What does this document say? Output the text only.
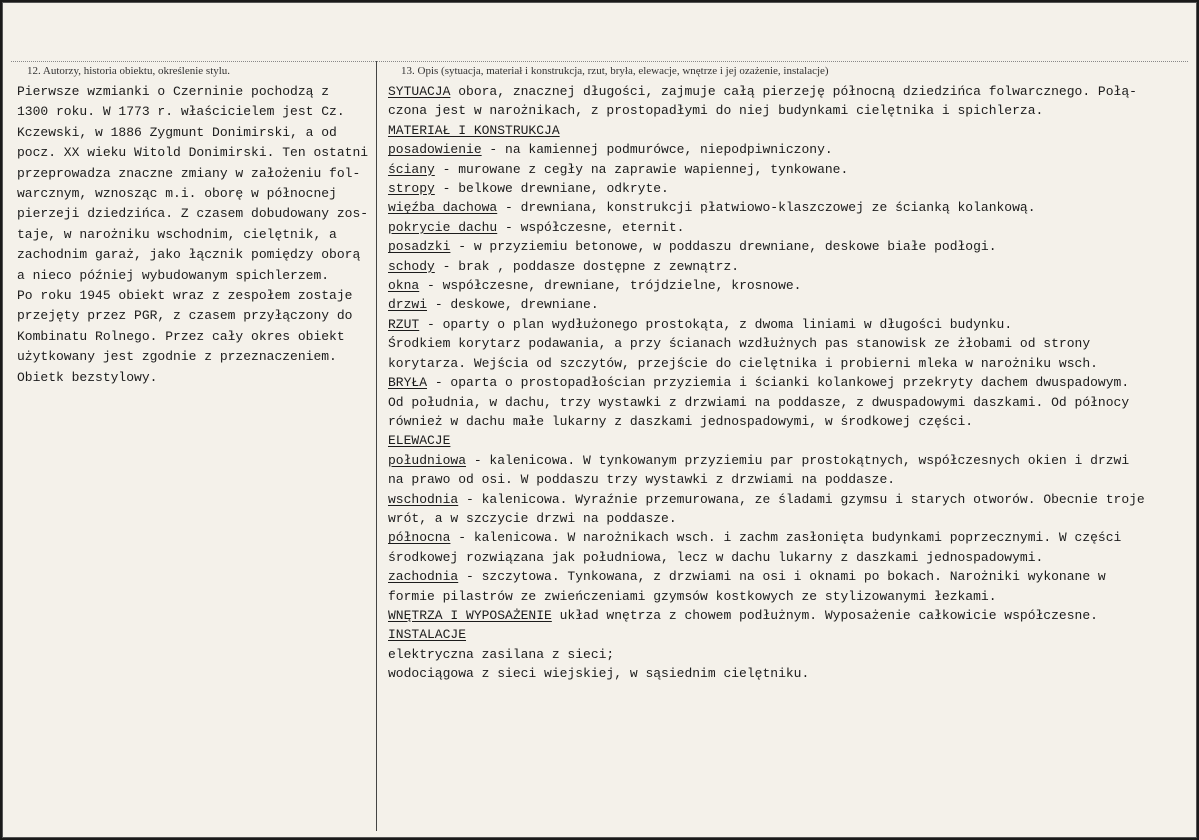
12. Autorzy, historia obiektu, określenie stylu.	13. Opis (sytuacja, materiał i konstrukcja, rzut, bryła, elewacje, wnętrze i jej ozażenie, instalacje)
Pierwsze wzmianki o Czerninie pochodzą z
1300 roku. W 1773 r. właścicielem jest Cz.
Kczewski, w 1886 Zygmunt Donimirski, a od
pocz. XX wieku Witold Donimirski. Ten ostatni
przeprowadza znaczne zmiany w założeniu fol-
warcznym, wznosząc m.i. oborę w północnej
pierzeji dziedzińca. Z czasem dobudowany zos-
taje, w narożniku wschodnim, cielętnik, a
zachodnim garaż, jako łącznik pomiędzy oborą
a nieco później wybudowanym spichlerzem.
Po roku 1945 obiekt wraz z zespołem zostaje
przejęty przez PGR, z czasem przyłączony do
Kombinatu Rolnego. Przez cały okres obiekt
użytkowany jest zgodnie z przeznaczeniem.
Obietk bezstylowy.
SYTUACJA obora, znacznej długości, zajmuje całą pierzeję północną dziedzińca folwarcznego. Połą-
czona jest w narożnikach, z prostopadłymi do niej budynkami cielętnika i spichlerza.
MATERIAŁ I KONSTRUKCJA
posadowienie - na kamiennej podmurówce, niepodpiwniczony.
ściany - murowane z cegły na zaprawie wapiennej, tynkowane.
stropy - belkowe drewniane, odkryte.
więźba dachowa - drewniana, konstrukcji płatwiowo-klaszczowej ze ścianką kolankową.
pokrycie dachu - współczesne, eternit.
posadzki - w przyziemiu betonowe, w poddaszu drewniane, deskowe białe podłogi.
schody - brak , poddasze dostępne z zewnątrz.
okna - współczesne, drewniane, trójdzielne, krosnowe.
drzwi - deskowe, drewniane.
RZUT - oparty o plan wydłużonego prostokąta, z dwoma liniami w długości budynku.
Środkiem korytarz podawania, a przy ścianach wzdłużnych pas stanowisk ze żłobami od strony
korytarza. Wejścia od szczytów, przejście do cielętnika i probierni mleka w narożniku wsch.
BRYŁA - oparta o prostopadłościan przyziemia i ścianki kolankowej przekryty dachem dwuspadowym.
Od południa, w dachu, trzy wystawki z drzwiami na poddasze, z dwuspadowymi daszkami. Od północy
również w dachu małe lukarny z daszkami jednospadowymi, w środkowej części.
ELEWACJE
południowa - kalenicowa. W tynkowanym przyziemiu par prostokątnych, współczesnych okien i drzwi
na prawo od osi. W poddaszu trzy wystawki z drzwiami na poddasze.
wschodnia - kalenicowa. Wyraźnie przemurowana, ze śladami gzymsu i starych otworów. Obecnie troje
wrót, a w szczycie drzwi na poddasze.
północna - kalenicowa. W narożnikach wsch. i zachm zasłonięta budynkami poprzecznymi. W części
środkowej rozwiązana jak południowa, lecz w dachu lukarny z daszkami jednospadowymi.
zachodnia - szczytowa. Tynkowana, z drzwiami na osi i oknami po bokach. Narożniki wykonane w
formie pilastrów ze zwieńczeniami gzymsów kostkowych ze stylizowanymi łezkami.
WNĘTRZA I WYPOSAŻENIE układ wnętrza z chowem podłużnym. Wyposażenie całkowicie współczesne.
INSTALACJE
elektryczna zasilana z sieci;
wodociągowa z sieci wiejskiej, w sąsiednim cielętniku.
